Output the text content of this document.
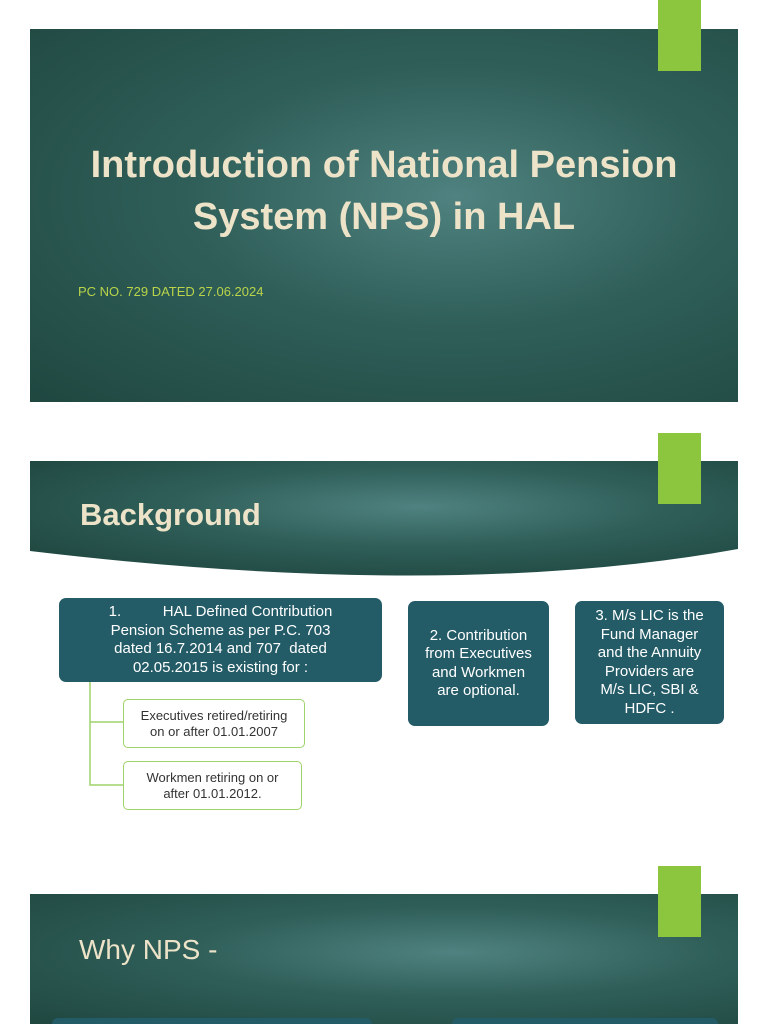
Introduction of National Pension System (NPS) in HAL
PC NO. 729 DATED 27.06.2024
Background
1.          HAL Defined Contribution
Pension Scheme as per P.C. 703
dated 16.7.2014 and 707  dated
02.05.2015 is existing for :
Executives retired/retiring
on or after 01.01.2007
Workmen retiring on or
after 01.01.2012.
2. Contribution
from Executives
and Workmen
are optional.
3. M/s LIC is the
Fund Manager
and the Annuity
Providers are
M/s LIC, SBI &
HDFC .
Why NPS -
